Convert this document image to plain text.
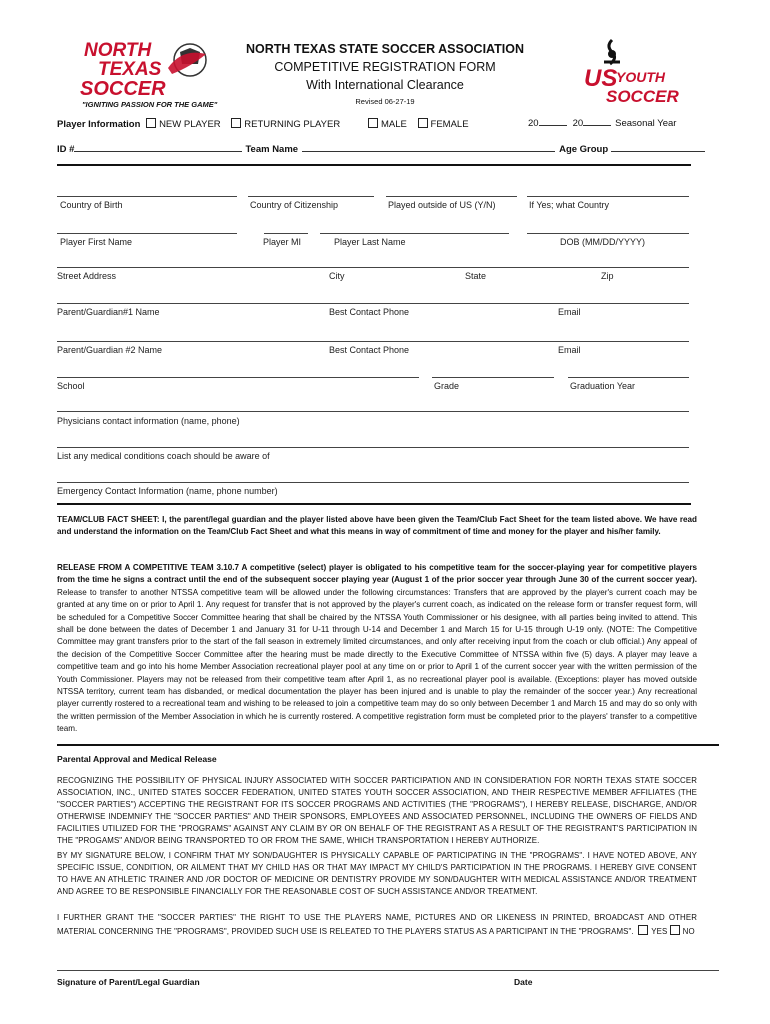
NORTH
TEXAS
SOCCER
"IGNITING PASSION FOR THE GAME"
NORTH TEXAS STATE SOCCER ASSOCIATION
COMPETITIVE REGISTRATION FORM
With International Clearance
Revised 06-27-19
US
YOUTH
SOCCER
Player Information NEW PLAYER RETURNING PLAYER	MALE FEMALE	20	20	Seasonal Year
ID #	Team Name	Age Group
Country of Birth	Country of Citizenship	Played outside of US (Y/N)	If Yes; what Country
Player First Name	Player MI	Player Last Name	DOB (MM/DD/YYYY)
Street Address	City	State	Zip
Parent/Guardian#1 Name	Best Contact Phone	Email
Parent/Guardian #2 Name	Best Contact Phone	Email
School	Grade	Graduation Year
Physicians contact information (name, phone)
List any medical conditions coach should be aware of
Emergency Contact Information (name, phone number)
TEAM/CLUB FACT SHEET: I, the parent/legal guardian and the player listed above have been given the Team/Club Fact Sheet for the team listed above. We have read and understand the information on the Team/Club Fact Sheet and what this means in way of commitment of time and money for the player and his/her family.
RELEASE FROM A COMPETITIVE TEAM 3.10.7 A competitive (select) player is obligated to his competitive team for the soccer-playing year for competitive players from the time he signs a contract until the end of the subsequent soccer playing year (August 1 of the prior soccer year through June 30 of the current soccer year). Release to transfer to another NTSSA competitive team will be allowed under the following circumstances: Transfers that are approved by the player's current coach may be granted at any time on or prior to April 1. Any request for transfer that is not approved by the player's current coach, as indicated on the release form or transfer request form, will be scheduled for a Competitive Soccer Committee hearing that shall be chaired by the NTSSA Youth Commissioner or his designee, with all parties being invited to attend. This shall be done between the dates of December 1 and January 31 for U-11 through U-14 and December 1 and March 15 for U-15 through U-19 only. (NOTE: The Competitive Committee may grant transfers prior to the start of the fall season in extremely limited circumstances, and only after receiving input from the coach or club official.) Any appeal of the decision of the Competitive Soccer Committee after the hearing must be made directly to the Executive Committee of NTSSA within five (5) days. A player may leave a competitive team and go into his home Member Association recreational player pool at any time on or prior to April 1 of the current soccer year with the written permission of the Youth Commissioner. Players may not be released from their competitive team after April 1, as no recreational player pool is available. (Exceptions: player has moved outside NTSSA territory, current team has disbanded, or medical documentation the player has been injured and is unable to play the remainder of the soccer year.) Any recreational player currently rostered to a recreational team and wishing to be released to join a competitive team may do so only between December 1 and March 15 and may do so only with the written permission of the Member Association in which he is currently rostered. A competitive registration form must be completed prior to the players' transfer to a competitive team.
Parental Approval and Medical Release
RECOGNIZING THE POSSIBILITY OF PHYSICAL INJURY ASSOCIATED WITH SOCCER PARTICIPATION AND IN CONSIDERATION FOR NORTH TEXAS STATE SOCCER ASSOCIATION, INC., UNITED STATES SOCCER FEDERATION, UNITED STATES YOUTH SOCCER ASSOCIATION, AND THEIR RESPECTIVE MEMBER AFFILIATES (THE "SOCCER PARTIES") ACCEPTING THE REGISTRANT FOR ITS SOCCER PROGRAMS AND ACTIVITIES (THE "PROGRAMS"), I HEREBY RELEASE, DISCHARGE, AND/OR OTHERWISE INDEMNIFY THE "SOCCER PARTIES" AND THEIR SPONSORS, EMPLOYEES AND ASSOCIATED PERSONNEL, INCLUDING THE OWNERS OF FIELDS AND FACILITIES UTILIZED FOR THE "PROGRAMS" AGAINST ANY CLAIM BY OR ON BEHALF OF THE REGISTRANT AS A RESULT OF THE REGISTRANT'S PARTICIPATION IN THE "PROGAMS" AND/OR BEING TRANSPORTED TO OR FROM THE SAME, WHICH TRANSPORTATION I HEREBY AUTHORIZE.
BY MY SIGNATURE BELOW, I CONFIRM THAT MY SON/DAUGHTER IS PHYSICALLY CAPABLE OF PARTICIPATING IN THE "PROGRAMS". I HAVE NOTED ABOVE, ANY SPECIFIC ISSUE, CONDITION, OR AILMENT THAT MY CHILD HAS OR THAT MAY IMPACT MY CHILD'S PARTICIPATION IN THE PROGRAMS. I HEREBY GIVE CONSENT TO HAVE AN ATHLETIC TRAINER AND /OR DOCTOR OF MEDICINE OR DENTISTRY PROVIDE MY SON/DAUGHTER WITH MEDICAL ASSISTANCE AND/OR TREATMENT AND AGREE TO BE RESPONSIBLE FINANCIALLY FOR THE REASONABLE COST OF SUCH ASSISTANCE AND/OR TREATMENT.
I FURTHER GRANT THE "SOCCER PARTIES" THE RIGHT TO USE THE PLAYERS NAME, PICTURES AND OR LIKENESS IN PRINTED, BROADCAST AND OTHER MATERIAL CONCERNING THE "PROGRAMS", PROVIDED SUCH USE IS RELEATED TO THE PLAYERS STATUS AS A PARTICIPANT IN THE "PROGRAMS". YES NO
Signature of Parent/Legal Guardian	Date
